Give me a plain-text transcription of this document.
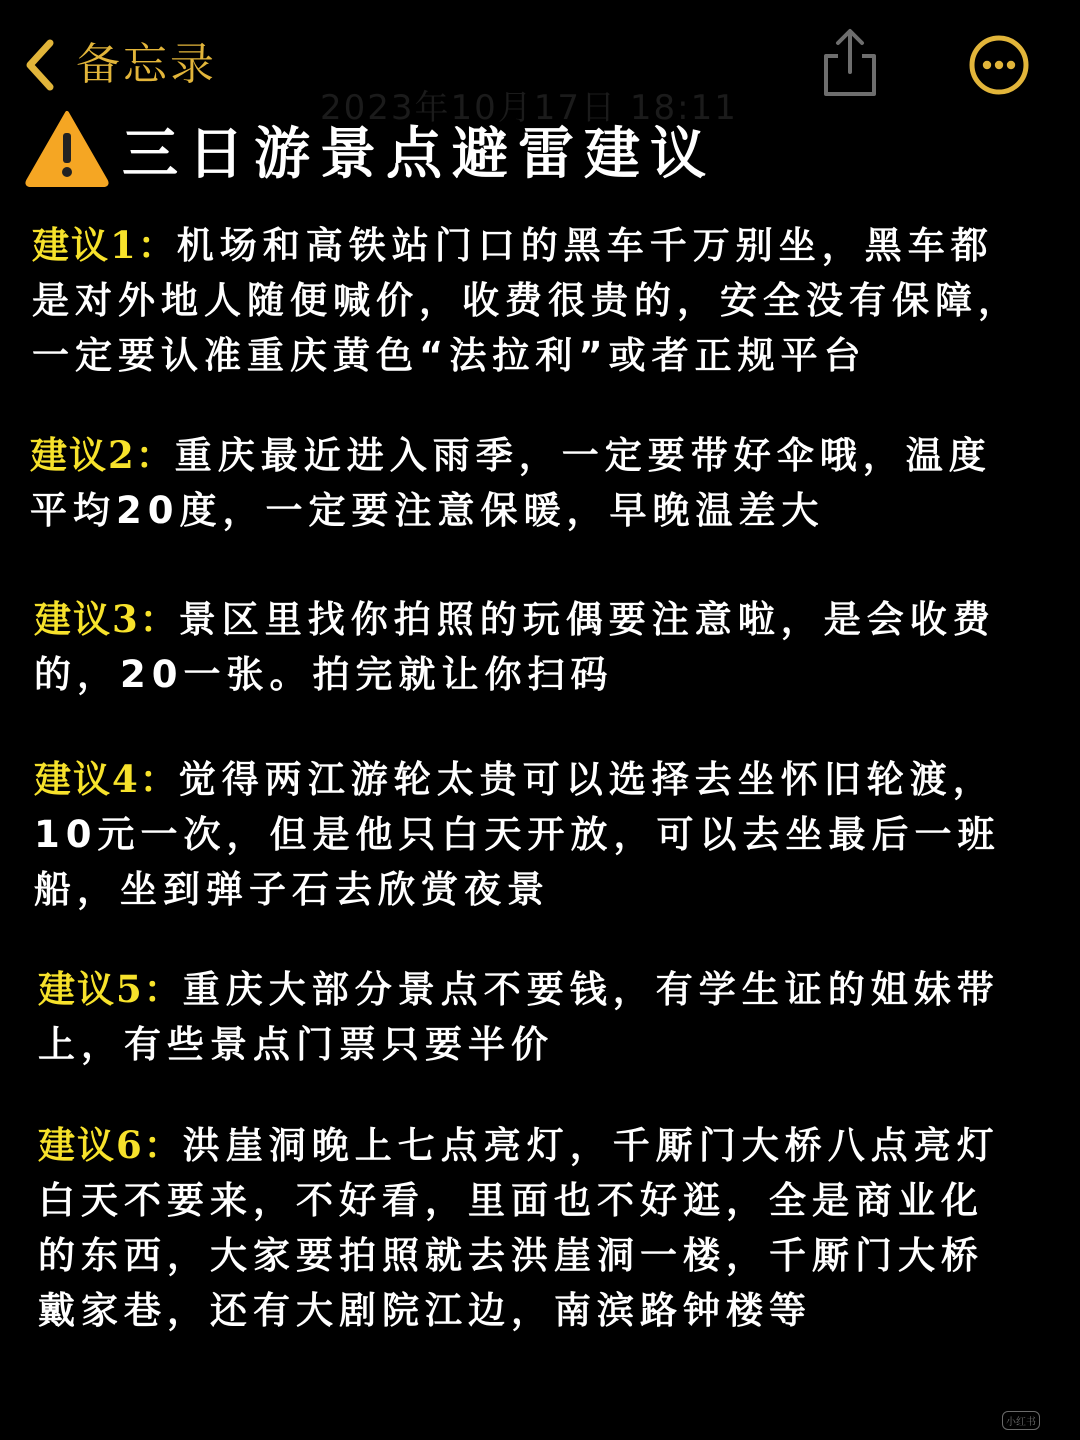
备忘录
2023年10月17日 18:11
三日游景点避雷建议
建议1：机场和高铁站门口的黑车千万别坐，黑车都
是对外地人随便喊价，收费很贵的，安全没有保障，
一定要认准重庆黄色“法拉利”或者正规平台
建议2：重庆最近进入雨季，一定要带好伞哦，温度
平均20度，一定要注意保暖，早晚温差大
建议3：景区里找你拍照的玩偶要注意啦，是会收费
的，20一张。拍完就让你扫码
建议4：觉得两江游轮太贵可以选择去坐怀旧轮渡，
10元一次，但是他只白天开放，可以去坐最后一班
船，坐到弹子石去欣赏夜景
建议5：重庆大部分景点不要钱，有学生证的姐妹带
上，有些景点门票只要半价
建议6：洪崖洞晚上七点亮灯，千厮门大桥八点亮灯
白天不要来，不好看，里面也不好逛，全是商业化
的东西，大家要拍照就去洪崖洞一楼，千厮门大桥
戴家巷，还有大剧院江边，南滨路钟楼等
小红书
